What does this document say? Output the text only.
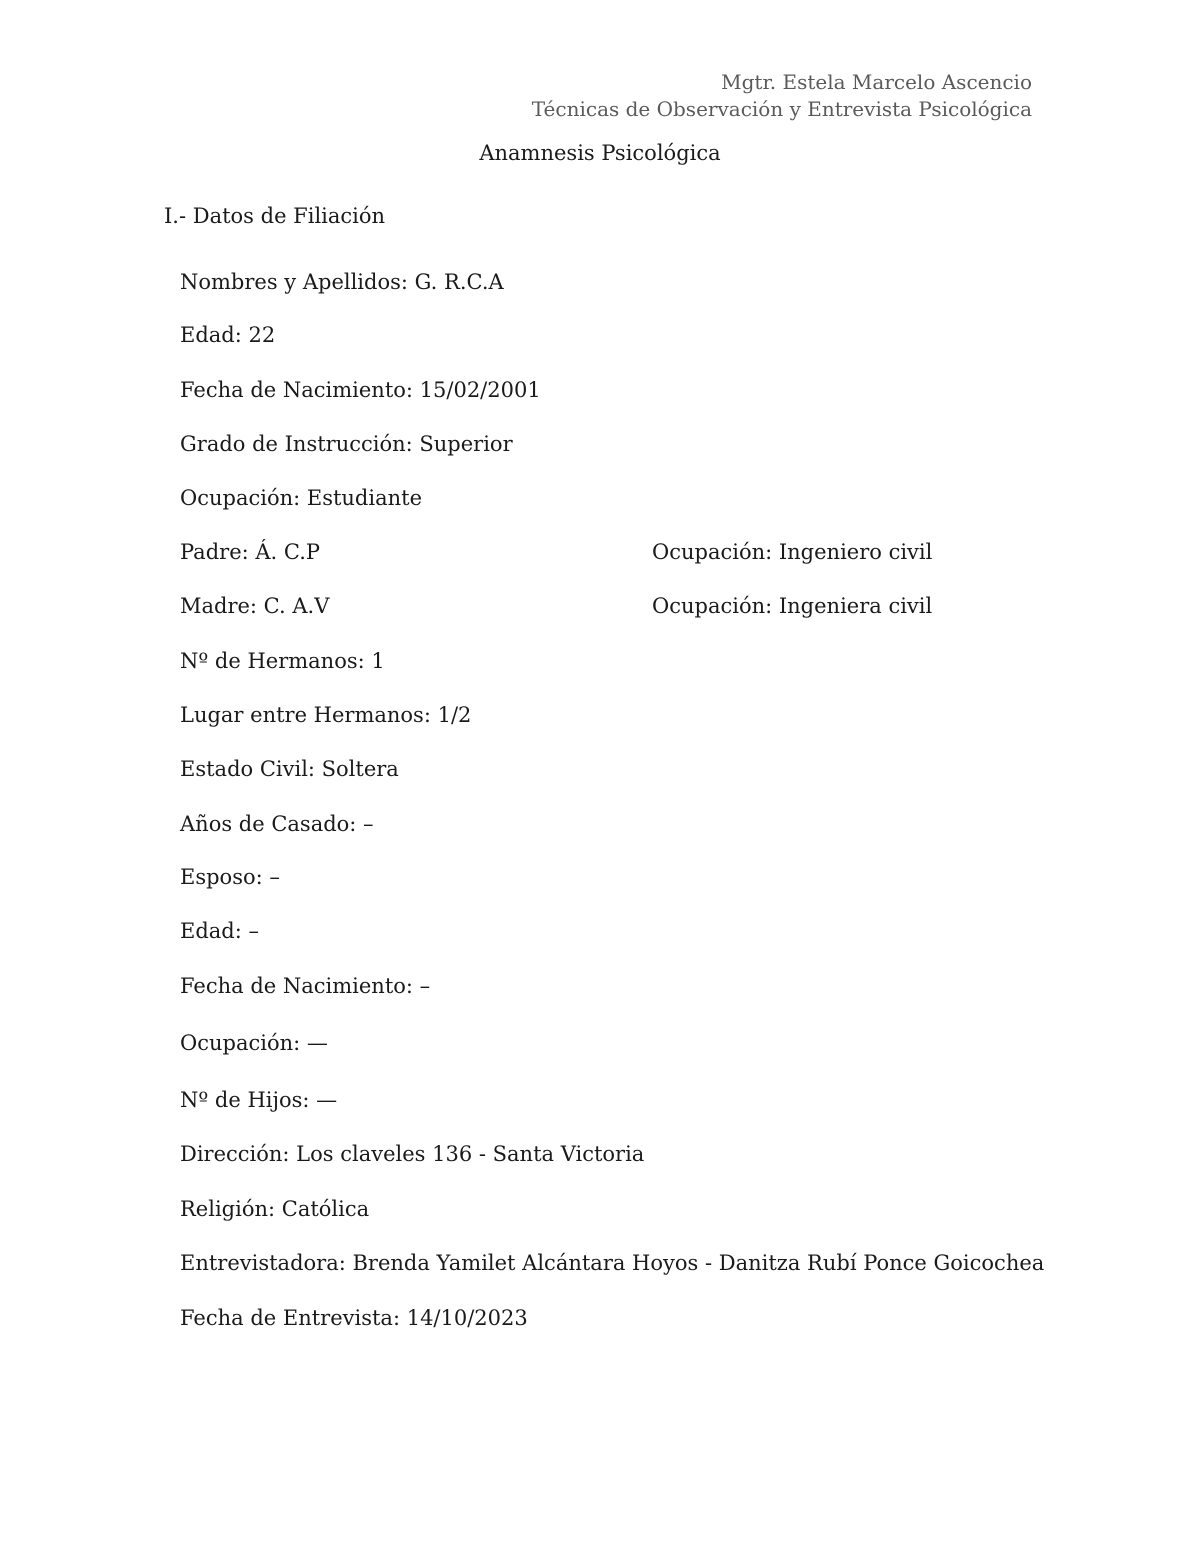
Mgtr. Estela Marcelo Ascencio
Técnicas de Observación y Entrevista Psicológica
Anamnesis Psicológica
I.- Datos de Filiación
Nombres y Apellidos: G. R.C.A
Edad: 22
Fecha de Nacimiento: 15/02/2001
Grado de Instrucción: Superior
Ocupación: Estudiante
Padre: Á. C.P	Ocupación: Ingeniero civil
Madre: C. A.V	Ocupación: Ingeniera civil
Nº de Hermanos: 1
Lugar entre Hermanos: 1/2
Estado Civil: Soltera
Años de Casado: –
Esposo: –
Edad: –
Fecha de Nacimiento: –
Ocupación: —
Nº de Hijos: —
Dirección: Los claveles 136 - Santa Victoria
Religión: Católica
Entrevistadora: Brenda Yamilet Alcántara Hoyos - Danitza Rubí Ponce Goicochea
Fecha de Entrevista: 14/10/2023
